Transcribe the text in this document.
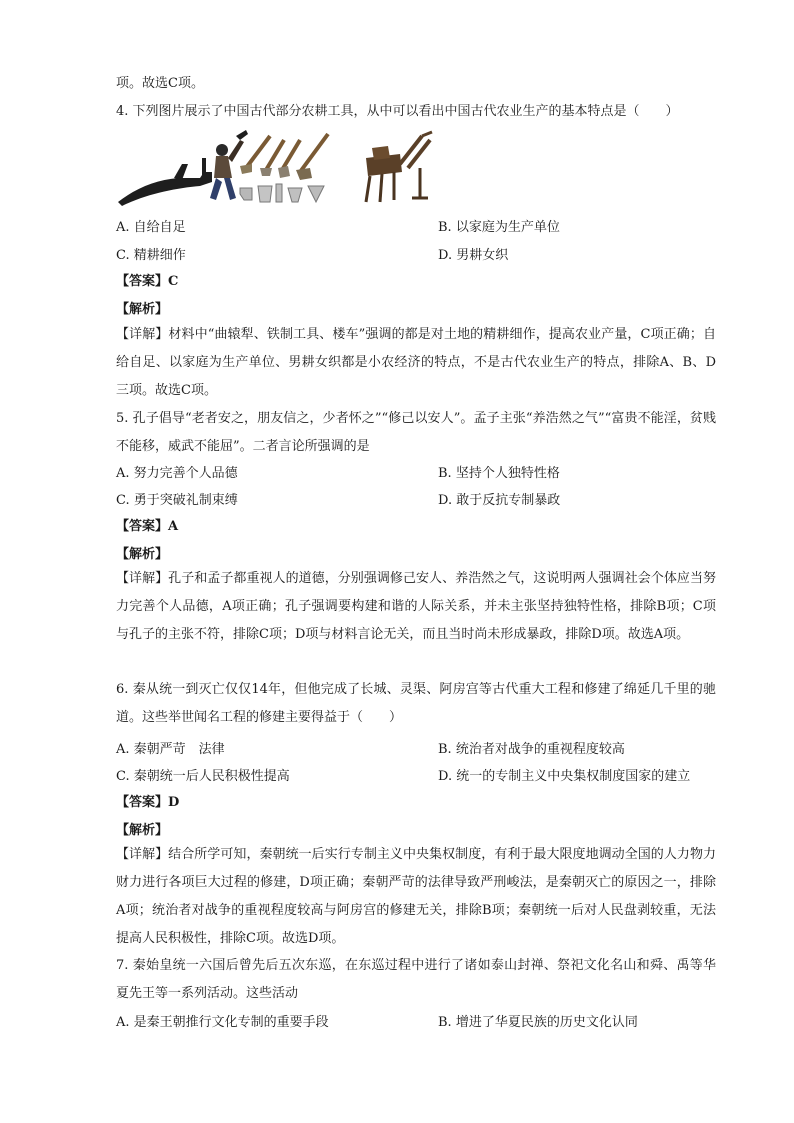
项。故选C项。
4. 下列图片展示了中国古代部分农耕工具，从中可以看出中国古代农业生产的基本特点是（　　）
A. 自给自足	B. 以家庭为生产单位
C. 精耕细作	D. 男耕女织
【答案】C
【解析】
【详解】材料中“曲辕犁、铁制工具、楼车”强调的都是对土地的精耕细作，提高农业产量，C项正确；自给自足、以家庭为生产单位、男耕女织都是小农经济的特点，不是古代农业生产的特点，排除A、B、D三项。故选C项。
5. 孔子倡导“老者安之，朋友信之，少者怀之”“修己以安人”。孟子主张“养浩然之气”“富贵不能淫，贫贱不能移，威武不能屈”。二者言论所强调的是
A. 努力完善个人品德	B. 坚持个人独特性格
C. 勇于突破礼制束缚	D. 敢于反抗专制暴政
【答案】A
【解析】
【详解】孔子和孟子都重视人的道德，分别强调修己安人、养浩然之气，这说明两人强调社会个体应当努力完善个人品德，A项正确；孔子强调要构建和谐的人际关系，并未主张坚持独特性格，排除B项；C项与孔子的主张不符，排除C项；D项与材料言论无关，而且当时尚未形成暴政，排除D项。故选A项。
6. 秦从统一到灭亡仅仅14年，但他完成了长城、灵渠、阿房宫等古代重大工程和修建了绵延几千里的驰道。这些举世闻名工程的修建主要得益于（　　）
A. 秦朝严苛　法律	B. 统治者对战争的重视程度较高
C. 秦朝统一后人民积极性提高	D. 统一的专制主义中央集权制度国家的建立
【答案】D
【解析】
【详解】结合所学可知，秦朝统一后实行专制主义中央集权制度，有利于最大限度地调动全国的人力物力财力进行各项巨大过程的修建，D项正确；秦朝严苛的法律导致严刑峻法，是秦朝灭亡的原因之一，排除A项；统治者对战争的重视程度较高与阿房宫的修建无关，排除B项；秦朝统一后对人民盘剥较重，无法提高人民积极性，排除C项。故选D项。
7. 秦始皇统一六国后曾先后五次东巡，在东巡过程中进行了诸如泰山封禅、祭祀文化名山和舜、禹等华夏先王等一系列活动。这些活动
A. 是秦王朝推行文化专制的重要手段	B. 增进了华夏民族的历史文化认同
